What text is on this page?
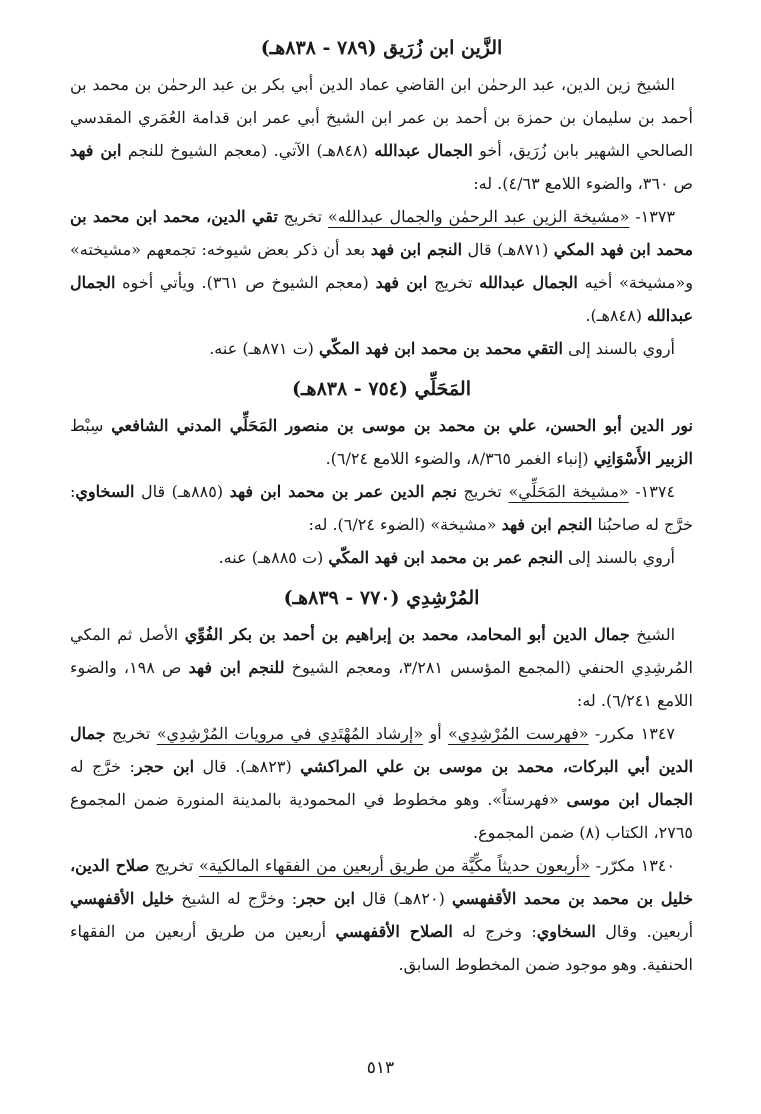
الزَّين ابن زُرَيق (٧٨٩ - ٨٣٨هـ)

الشيخ زين الدين، عبد الرحمٰن ابن القاضي عماد الدين أبي بكر بن عبد الرحمٰن بن محمد بن أحمد بن سليمان بن حمزة بن أحمد بن عمر ابن الشيخ أبي عمر ابن قدامة العُمَري المقدسي الصالحي الشهير بابن زُرَيق، أخو الجمال عبدالله (٨٤٨هـ) الآتي. (معجم الشيوخ للنجم ابن فهد ص ٣٦٠، والضوء اللامع ٤/٦٣). له:

١٣٧٣- «مشيخة الزين عبد الرحمٰن والجمال عبدالله» تخريج تقي الدين، محمد ابن محمد بن محمد ابن فهد المكي (٨٧١هـ) قال النجم ابن فهد بعد أن ذكر بعض شيوخه: تجمعهم «مشيخته» و«مشيخة» أخيه الجمال عبدالله تخريج ابن فهد (معجم الشيوخ ص ٣٦١). ويأتي أخوه الجمال عبدالله (٨٤٨هـ).

أروي بالسند إلى التقي محمد بن محمد ابن فهد المكّي (ت ٨٧١هـ) عنه.

المَحَلِّي (٧٥٤ - ٨٣٨هـ)

نور الدين أبو الحسن، علي بن محمد بن موسى بن منصور المَحَلِّي المدني الشافعي سِبْط الزبير الأَسْوَانِي (إنباء الغمر ٨/٣٦٥، والضوء اللامع ٦/٢٤).

١٣٧٤- «مشيخة المَحَلِّي» تخريج نجم الدين عمر بن محمد ابن فهد (٨٨٥هـ) قال السخاوي: خرَّج له صاحبُنا النجم ابن فهد «مشيخة» (الضوء ٦/٢٤). له:

أروي بالسند إلى النجم عمر بن محمد ابن فهد المكّي (ت ٨٨٥هـ) عنه.

المُرْشِدِي (٧٧٠ - ٨٣٩هـ)

الشيخ جمال الدين أبو المحامد، محمد بن إبراهيم بن أحمد بن بكر الفُوِّي الأصل ثم المكي المُرشِدِي الحنفي (المجمع المؤسس ٣/٢٨١، ومعجم الشيوخ للنجم ابن فهد ص ١٩٨، والضوء اللامع ٦/٢٤١). له:

١٣٤٧ مكرر- «فهرست المُرْشِدِي» أو «إرشاد المُهْتَدِي في مرويات المُرْشِدِي» تخريج جمال الدين أبي البركات، محمد بن موسى بن علي المراكشي (٨٢٣هـ). قال ابن حجر: خرَّج له الجمال ابن موسى «فهرستاً». وهو مخطوط في المحمودية بالمدينة المنورة ضمن المجموع ٢٧٦٥، الكتاب (٨) ضمن المجموع.

١٣٤٠ مكرّر- «أربعون حديثاً مكِّيَّة من طريق أربعين من الفقهاء المالكية» تخريج صلاح الدين، خليل بن محمد بن محمد الأقفهسي (٨٢٠هـ) قال ابن حجر: وخرَّج له الشيخ خليل الأقفهسي أربعين. وقال السخاوي: وخرج له الصلاح الأقفهسي أربعين من طريق أربعين من الفقهاء الحنفية. وهو موجود ضمن المخطوط السابق.

٥١٣
